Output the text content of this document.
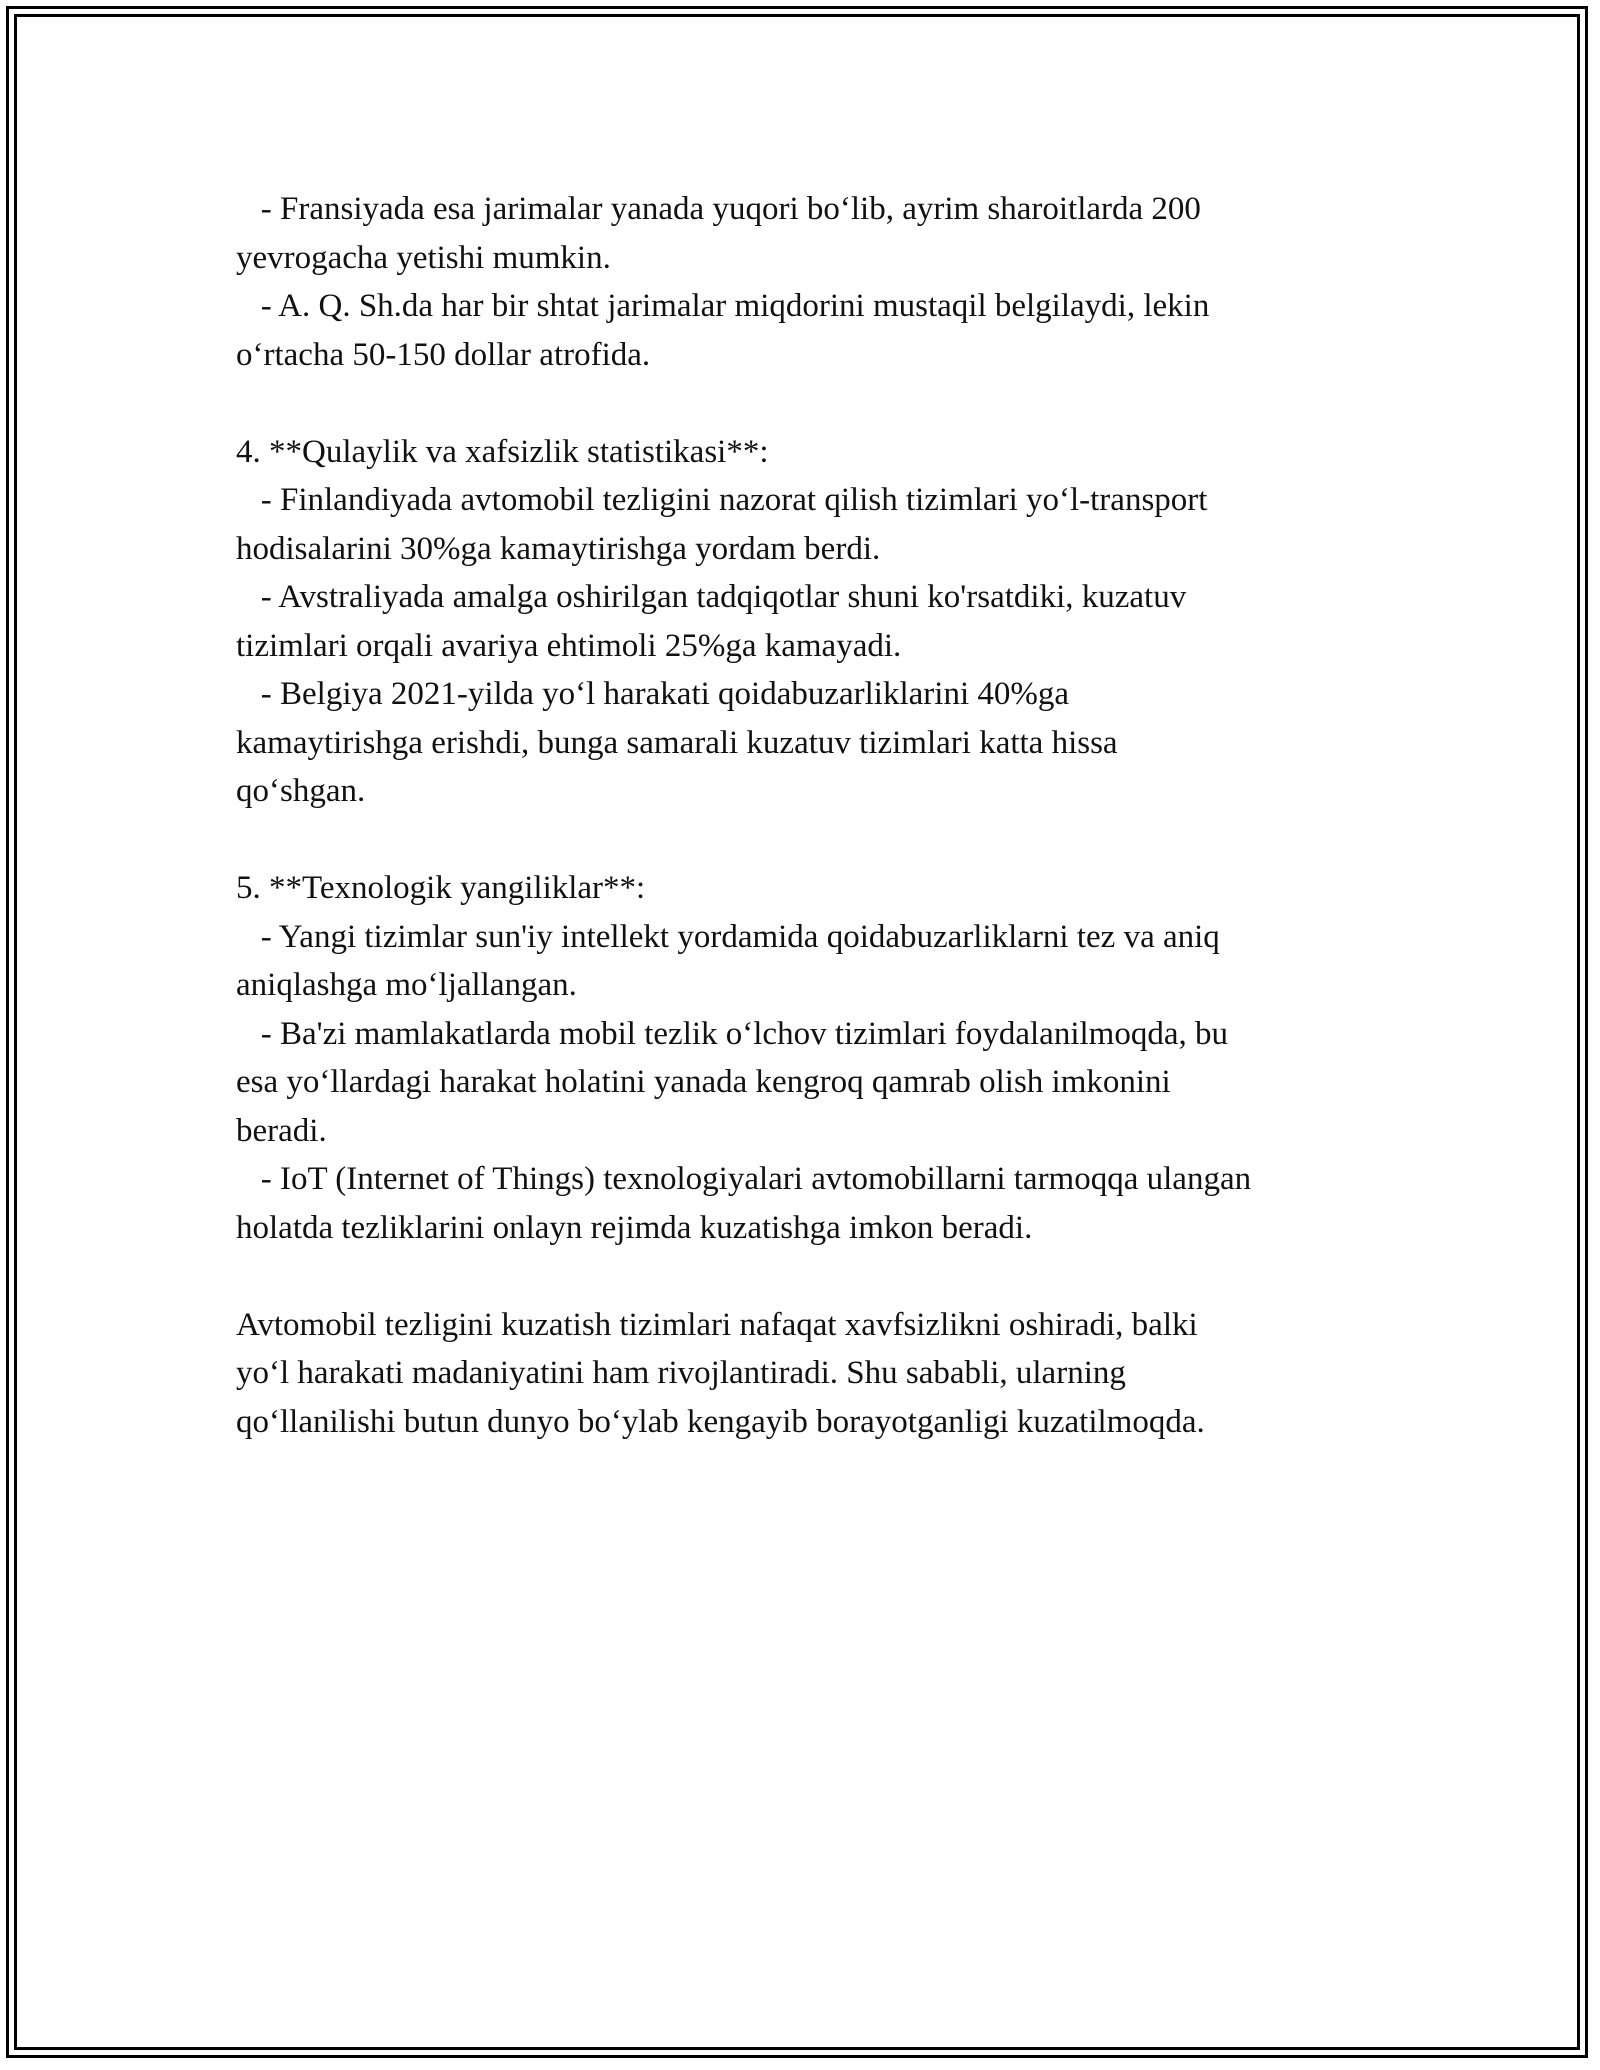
- Fransiyada esa jarimalar yanada yuqori bo‘lib, ayrim sharoitlarda 200

yevrogacha yetishi mumkin.

- A. Q. Sh.da har bir shtat jarimalar miqdorini mustaqil belgilaydi, lekin

o‘rtacha 50-150 dollar atrofida.

4. **Qulaylik va xafsizlik statistikasi**:

- Finlandiyada avtomobil tezligini nazorat qilish tizimlari yo‘l-transport

hodisalarini 30%ga kamaytirishga yordam berdi.

- Avstraliyada amalga oshirilgan tadqiqotlar shuni ko'rsatdiki, kuzatuv

tizimlari orqali avariya ehtimoli 25%ga kamayadi.

- Belgiya 2021-yilda yo‘l harakati qoidabuzarliklarini 40%ga

kamaytirishga erishdi, bunga samarali kuzatuv tizimlari katta hissa

qo‘shgan.

5. **Texnologik yangiliklar**:

- Yangi tizimlar sun'iy intellekt yordamida qoidabuzarliklarni tez va aniq

aniqlashga mo‘ljallangan.

- Ba'zi mamlakatlarda mobil tezlik o‘lchov tizimlari foydalanilmoqda, bu

esa yo‘llardagi harakat holatini yanada kengroq qamrab olish imkonini

beradi.

- IoT (Internet of Things) texnologiyalari avtomobillarni tarmoqqa ulangan

holatda tezliklarini onlayn rejimda kuzatishga imkon beradi.

Avtomobil tezligini kuzatish tizimlari nafaqat xavfsizlikni oshiradi, balki

yo‘l harakati madaniyatini ham rivojlantiradi. Shu sababli, ularning

qo‘llanilishi butun dunyo bo‘ylab kengayib borayotganligi kuzatilmoqda.
